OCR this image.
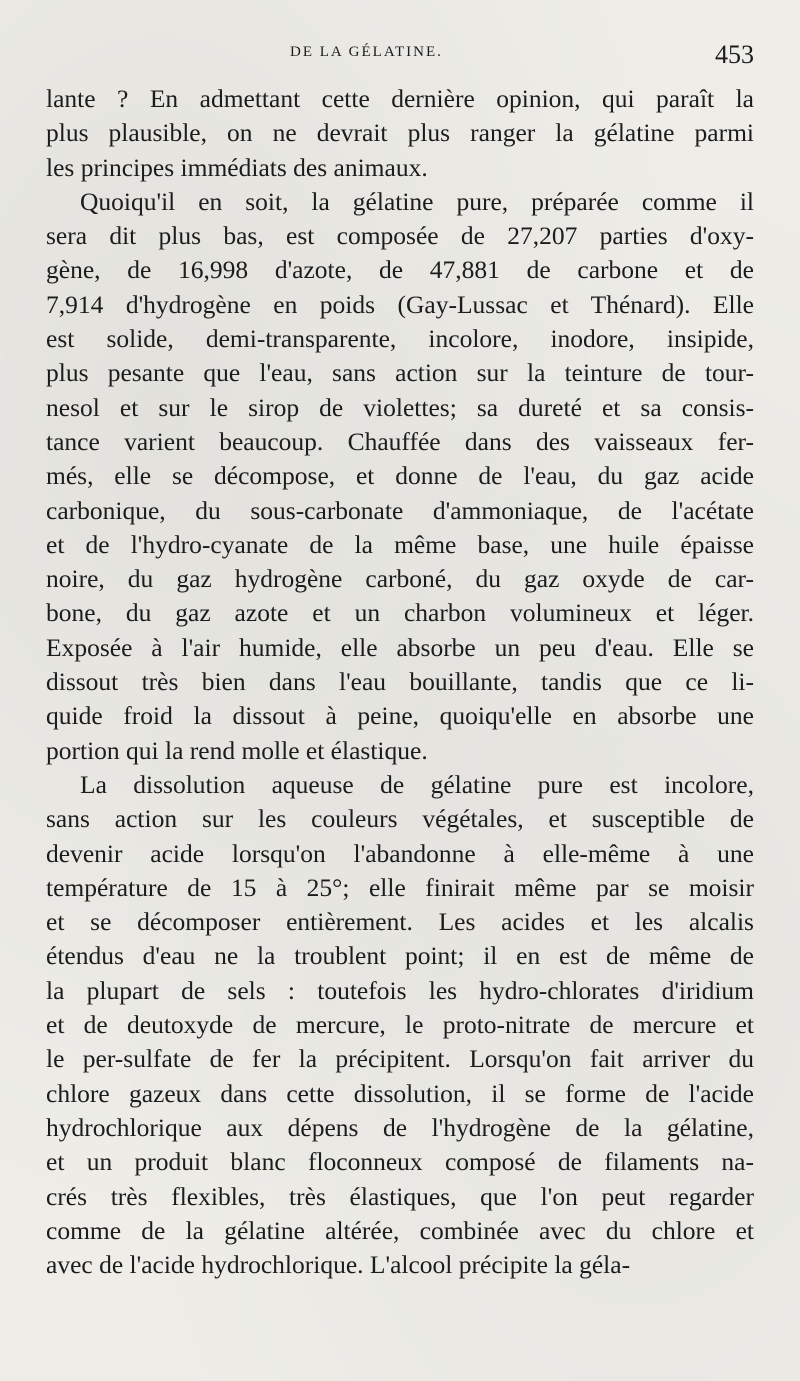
DE LA GÉLATINE.	453
lante ? En admettant cette dernière opinion, qui paraît la
plus plausible, on ne devrait plus ranger la gélatine parmi
les principes immédiats des animaux.
Quoiqu'il en soit, la gélatine pure, préparée comme il
sera dit plus bas, est composée de 27,207 parties d'oxy-
gène, de 16,998 d'azote, de 47,881 de carbone et de
7,914 d'hydrogène en poids (Gay-Lussac et Thénard). Elle
est solide, demi-transparente, incolore, inodore, insipide,
plus pesante que l'eau, sans action sur la teinture de tour-
nesol et sur le sirop de violettes; sa dureté et sa consis-
tance varient beaucoup. Chauffée dans des vaisseaux fer-
més, elle se décompose, et donne de l'eau, du gaz acide
carbonique, du sous-carbonate d'ammoniaque, de l'acétate
et de l'hydro-cyanate de la même base, une huile épaisse
noire, du gaz hydrogène carboné, du gaz oxyde de car-
bone, du gaz azote et un charbon volumineux et léger.
Exposée à l'air humide, elle absorbe un peu d'eau. Elle se
dissout très bien dans l'eau bouillante, tandis que ce li-
quide froid la dissout à peine, quoiqu'elle en absorbe une
portion qui la rend molle et élastique.
La dissolution aqueuse de gélatine pure est incolore,
sans action sur les couleurs végétales, et susceptible de
devenir acide lorsqu'on l'abandonne à elle-même à une
température de 15 à 25°; elle finirait même par se moisir
et se décomposer entièrement. Les acides et les alcalis
étendus d'eau ne la troublent point; il en est de même de
la plupart de sels : toutefois les hydro-chlorates d'iridium
et de deutoxyde de mercure, le proto-nitrate de mercure et
le per-sulfate de fer la précipitent. Lorsqu'on fait arriver du
chlore gazeux dans cette dissolution, il se forme de l'acide
hydrochlorique aux dépens de l'hydrogène de la gélatine,
et un produit blanc floconneux composé de filaments na-
crés très flexibles, très élastiques, que l'on peut regarder
comme de la gélatine altérée, combinée avec du chlore et
avec de l'acide hydrochlorique. L'alcool précipite la géla-
